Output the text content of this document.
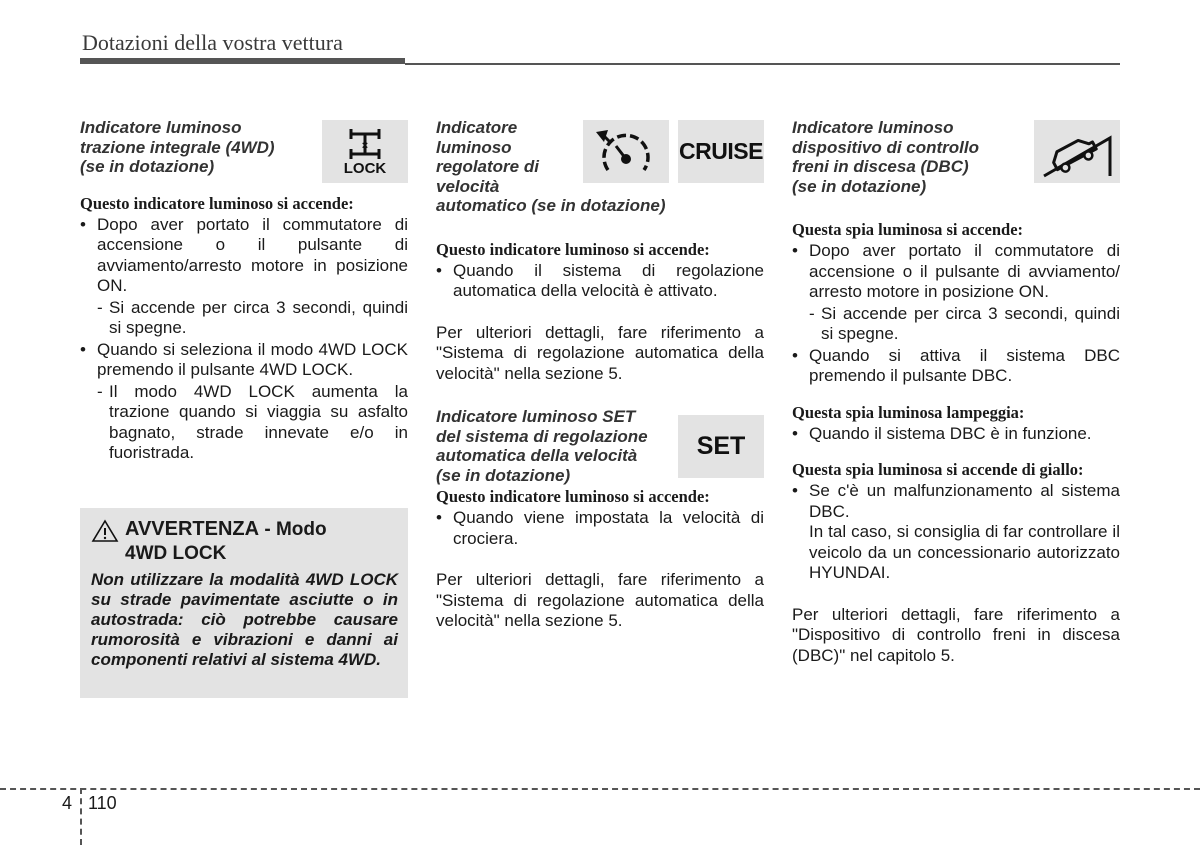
Dotazioni della vostra vettura
Indicatore luminoso
trazione integrale (4WD)
(se in dotazione)
Questo indicatore luminoso si accende:
• Dopo aver portato il commutatore di accensione o il pulsante di avviamento/arresto motore in posizione ON.
- Si accende per circa 3 secondi, quindi si spegne.
• Quando si seleziona il modo 4WD LOCK premendo il pulsante 4WD LOCK.
- Il modo 4WD LOCK aumenta la trazione quando si viaggia su asfalto bagnato, strade innevate e/o in fuoristrada.
×
LOCK
AVVERTENZA - Modo
4WD LOCK
Non utilizzare la modalità 4WD LOCK su strade pavimentate asciutte o in autostrada: ciò potrebbe causare rumorosità e vibrazioni e danni ai componenti relativi al sistema 4WD.
Indicatore
luminoso
regolatore di
velocità
automatico (se in dotazione)
Questo indicatore luminoso si accende:
• Quando il sistema di regolazione automatica della velocità è attivato.
Per ulteriori dettagli, fare riferimento a "Sistema di regolazione automatica della velocità" nella sezione 5.
Indicatore luminoso SET
del sistema di regolazione
automatica della velocità
(se in dotazione)
Questo indicatore luminoso si accende:
• Quando viene impostata la velocità di crociera.
Per ulteriori dettagli, fare riferimento a "Sistema di regolazione automatica della velocità" nella sezione 5.
CRUISE
SET
Indicatore luminoso
dispositivo di controllo
freni in discesa (DBC)
(se in dotazione)
Questa spia luminosa si accende:
• Dopo aver portato il commutatore di accensione o il pulsante di avviamento/ arresto motore in posizione ON.
- Si accende per circa 3 secondi, quindi si spegne.
• Quando si attiva il sistema DBC premendo il pulsante DBC.
Questa spia luminosa lampeggia:
• Quando il sistema DBC è in funzione.
Questa spia luminosa si accende di giallo:
• Se c'è un malfunzionamento al sistema DBC.
In tal caso, si consiglia di far controllare il veicolo da un concessionario autorizzato HYUNDAI.
Per ulteriori dettagli, fare riferimento a "Dispositivo di controllo freni in discesa (DBC)" nel capitolo 5.
4 110
